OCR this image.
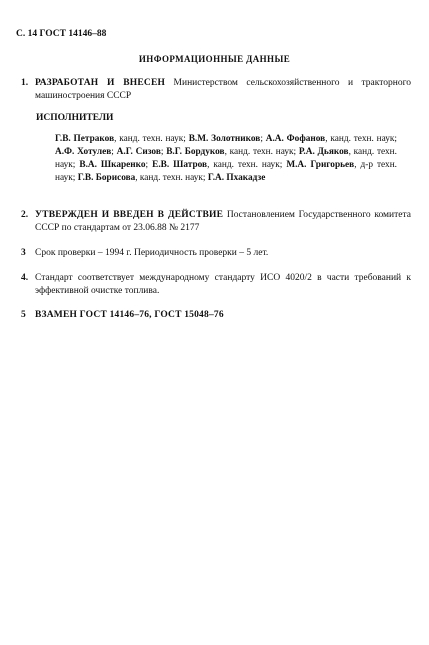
С. 14 ГОСТ 14146–88
ИНФОРМАЦИОННЫЕ ДАННЫЕ
1. РАЗРАБОТАН И ВНЕСЕН Министерством сельскохозяйственного и тракторного машиностроения СССР
ИСПОЛНИТЕЛИ
Г.В. Петраков, канд. техн. наук; В.М. Золотников; А.А. Фофанов, канд. техн. наук; А.Ф. Хотулев; А.Г. Сизов; В.Г. Бордуков, канд. техн. наук; Р.А. Дьяков, канд. техн. наук; В.А. Шкаренко; Е.В. Шатров, канд. техн. наук; М.А. Григорьев, д-р техн. наук; Г.В. Борисова, канд. техн. наук; Г.А. Пхакадзе
2. УТВЕРЖДЕН И ВВЕДЕН В ДЕЙСТВИЕ Постановлением Государственного комитета СССР по стандартам от 23.06.88 № 2177
3 Срок проверки – 1994 г. Периодичность проверки – 5 лет.
4. Стандарт соответствует международному стандарту ИСО 4020/2 в части требований к эффективной очистке топлива.
5 ВЗАМЕН ГОСТ 14146–76, ГОСТ 15048–76
